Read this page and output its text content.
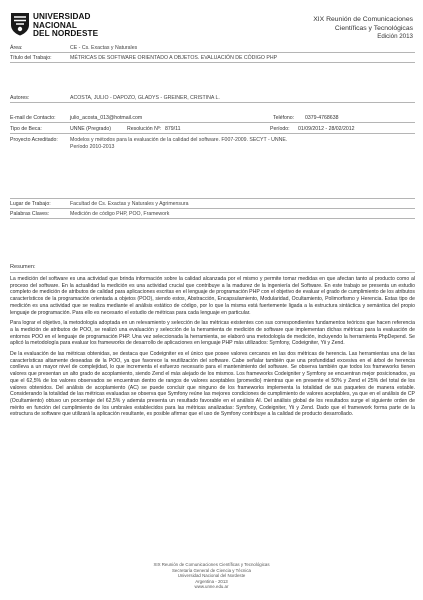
UNIVERSIDAD
NACIONAL
DEL NORDESTE
XIX Reunión de Comunicaciones
Científicas y Tecnológicas
Edición 2013
Área:	CE - Cs. Exactas y Naturales
Título del Trabajo:	MÉTRICAS DE SOFTWARE ORIENTADO A OBJETOS. EVALUACIÓN DE CÓDIGO PHP
Autores:	ACOSTA, JULIO - DAPOZO, GLADYS - GREINER, CRISTINA L.
E-mail de Contacto:	julio_acosta_013@hotmail.com	Teléfono: 0379-4768638
Tipo de Beca:	UNNE (Pregrado)	Resolución Nº: 879/11	Período: 01/09/2012 - 28/02/2012
Proyecto Acreditado:	Modelos y métodos para la evaluación de la calidad del software. F007-2009. SECYT - UNNE.
Período 2010-2013
Lugar de Trabajo:	Facultad de Cs. Exactas y Naturales y Agrimensura
Palabras Claves:	Medición de código PHP, POO, Framework
Resumen:

La medición del software es una actividad que brinda información sobre la calidad alcanzada por el mismo y permite tomar medidas en que afectan tanto al producto como al proceso del software. En la actualidad la medición es una actividad crucial que contribuye a la madurez de la ingeniería del Software. En este trabajo se presenta un estudio completo de medición de atributos de calidad para aplicaciones escritas en el lenguaje de programación PHP con el objetivo de evaluar el grado de cumplimiento de los atributos característicos de la programación orientada a objetos (POO), siendo estos, Abstracción, Encapsulamiento, Modularidad, Ocultamiento, Polimorfismo y Herencia. Estas tipo de medición es una actividad que se realiza mediante el análisis estático de código, por lo que la misma está fuertemente ligada a la estructura sintáctica y semántica del propio lenguaje de programación. Para ello es necesario el estudio de métricas para cada lenguaje en particular.

Para lograr el objetivo, la metodología adoptada en un relevamiento y selección de las métricas existentes con sus correspondientes fundamentos teóricos que hacen referencia a la medición de atributos de POO, se realizó una evaluación y selección de la herramienta de medición de software que implementan dichas métricas para la evaluación de entornos POO en el lenguaje de programación PHP. Una vez seleccionada la herramienta, se elaboró una metodología de medición, incluyendo la herramienta PhpDepend. Se aplicó la metodología para evaluar los frameworks de desarrollo de aplicaciones en lenguaje PHP más utilizados: Symfony, Codeigniter, Yii y Zend.

De la evaluación de las métricas obtenidas, se destaca que Codeigniter es el único que posee valores cercanos en las dos métricas de herencia. Las herramientas una de las características altamente deseadas de la POO, ya que favorece la reutilización del software. Cabe señalar también que una profundidad excesiva en el árbol de herencia conlleva a un mayor nivel de complejidad, lo que incrementa el esfuerzo necesario para el mantenimiento del software. Se observa también que todos los frameworks tienen valores que presentan un alto grado de acoplamiento, siendo Zend el más alejado de los mismos. Los frameworks Codeigniter y Symfony se encuentran mejor posicionados, ya que el 62,5% de los valores observados se encuentran dentro de rangos de valores aceptables (promedio) mientras que en presente el 50% y Zend el 25% del total de los valores obtenidos. Del análisis de acoplamiento (AC) se puede concluir que ninguno de los frameworks implementa la totalidad de sus paquetes de manera estable. Considerando la totalidad de las métricas evaluadas se observa que Symfony reúne las mejores condiciones de cumplimiento de valores aceptables, ya que en el análisis de CP (Ocultamiento) obtuvo un porcentaje del 62,5% y además presenta un resultado favorable en el análisis AI. Del análisis global de los resultados surge el siguiente orden de mérito en función del cumplimiento de los umbrales establecidos para las métricas analizadas: Symfony, Codeigniter, Yii y Zend. Dado que el framework forma parte de la estructura de software que utilizará la aplicación resultante, es posible afirmar que el uso de Symfony contribuye a la calidad de producto desarrollado.

XIX Reunión de Comunicaciones Científicas y Tecnológicas
Secretaría General de Ciencia y Técnica
Universidad Nacional del Nordeste
Argentina - 2013
www.unne.edu.ar
